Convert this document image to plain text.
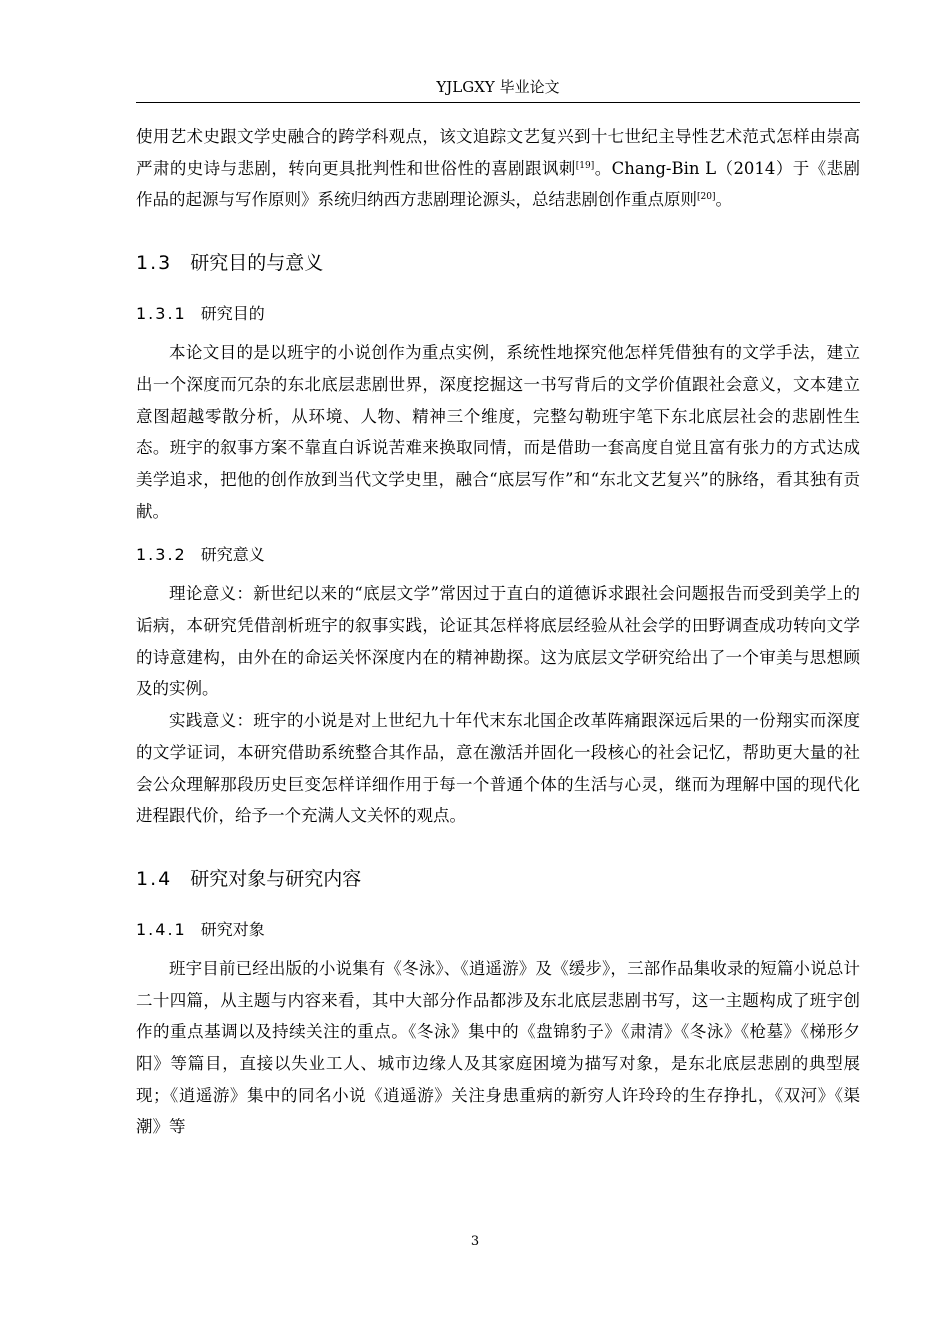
YJLGXY 毕业论文

使用艺术史跟文学史融合的跨学科观点，该文追踪文艺复兴到十七世纪主导性艺术范式怎样由崇高严肃的史诗与悲剧，转向更具批判性和世俗性的喜剧跟讽刺[19]。Chang-Bin L（2014）于《悲剧作品的起源与写作原则》系统归纳西方悲剧理论源头，总结悲剧创作重点原则[20]。

1.3 研究目的与意义
1.3.1 研究目的

本论文目的是以班宇的小说创作为重点实例，系统性地探究他怎样凭借独有的文学手法，建立出一个深度而冗杂的东北底层悲剧世界，深度挖掘这一书写背后的文学价值跟社会意义，文本建立意图超越零散分析，从环境、人物、精神三个维度，完整勾勒班宇笔下东北底层社会的悲剧性生态。班宇的叙事方案不靠直白诉说苦难来换取同情，而是借助一套高度自觉且富有张力的方式达成美学追求，把他的创作放到当代文学史里，融合“底层写作”和“东北文艺复兴”的脉络，看其独有贡献。

1.3.2 研究意义

理论意义：新世纪以来的“底层文学”常因过于直白的道德诉求跟社会问题报告而受到美学上的诟病，本研究凭借剖析班宇的叙事实践，论证其怎样将底层经验从社会学的田野调查成功转向文学的诗意建构，由外在的命运关怀深度内在的精神勘探。这为底层文学研究给出了一个审美与思想顾及的实例。

实践意义：班宇的小说是对上世纪九十年代末东北国企改革阵痛跟深远后果的一份翔实而深度的文学证词，本研究借助系统整合其作品，意在激活并固化一段核心的社会记忆，帮助更大量的社会公众理解那段历史巨变怎样详细作用于每一个普通个体的生活与心灵，继而为理解中国的现代化进程跟代价，给予一个充满人文关怀的观点。

1.4 研究对象与研究内容
1.4.1 研究对象

班宇目前已经出版的小说集有《冬泳》、《逍遥游》及《缓步》，三部作品集收录的短篇小说总计二十四篇，从主题与内容来看，其中大部分作品都涉及东北底层悲剧书写，这一主题构成了班宇创作的重点基调以及持续关注的重点。《冬泳》集中的《盘锦豹子》《肃清》《冬泳》《枪墓》《梯形夕阳》等篇目，直接以失业工人、城市边缘人及其家庭困境为描写对象，是东北底层悲剧的典型展现；《逍遥游》集中的同名小说《逍遥游》关注身患重病的新穷人许玲玲的生存挣扎，《双河》《渠潮》等

3
